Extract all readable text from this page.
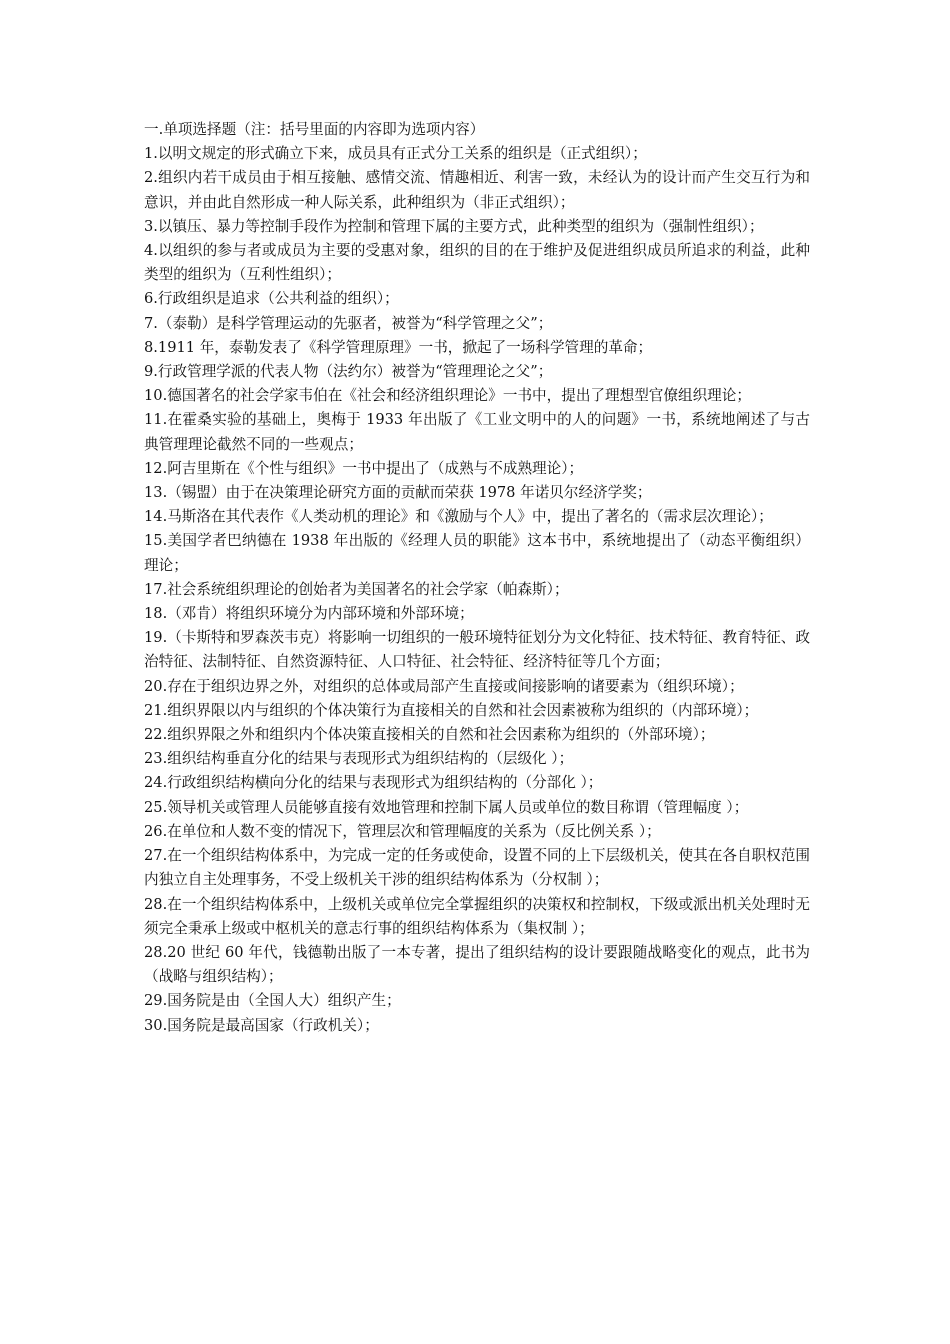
一.单项选择题（注：括号里面的内容即为选项内容）

1.以明文规定的形式确立下来，成员具有正式分工关系的组织是（正式组织）；

2.组织内若干成员由于相互接触、感情交流、情趣相近、利害一致，未经认为的设计而产生交互行为和意识，并由此自然形成一种人际关系，此种组织为（非正式组织）；

3.以镇压、暴力等控制手段作为控制和管理下属的主要方式，此种类型的组织为（强制性组织）；

4.以组织的参与者或成员为主要的受惠对象，组织的目的在于维护及促进组织成员所追求的利益，此种类型的组织为（互利性组织）；

6.行政组织是追求（公共利益的组织）；

7.（泰勒）是科学管理运动的先驱者，被誉为“科学管理之父”；

8.1911 年，泰勒发表了《科学管理原理》一书，掀起了一场科学管理的革命；

9.行政管理学派的代表人物（法约尔）被誉为“管理理论之父”；

10.德国著名的社会学家韦伯在《社会和经济组织理论》一书中，提出了理想型官僚组织理论；

11.在霍桑实验的基础上，奥梅于 1933 年出版了《工业文明中的人的问题》一书，系统地阐述了与古典管理理论截然不同的一些观点；

12.阿吉里斯在《个性与组织》一书中提出了（成熟与不成熟理论）；

13.（锡盟）由于在决策理论研究方面的贡献而荣获 1978 年诺贝尔经济学奖；

14.马斯洛在其代表作《人类动机的理论》和《激励与个人》中，提出了著名的（需求层次理论）；

15.美国学者巴纳德在 1938 年出版的《经理人员的职能》这本书中，系统地提出了（动态平衡组织）理论；

17.社会系统组织理论的创始者为美国著名的社会学家（帕森斯）；

18.（邓肯）将组织环境分为内部环境和外部环境；

19.（卡斯特和罗森茨韦克）将影响一切组织的一般环境特征划分为文化特征、技术特征、教育特征、政治特征、法制特征、自然资源特征、人口特征、社会特征、经济特征等几个方面；

20.存在于组织边界之外，对组织的总体或局部产生直接或间接影响的诸要素为（组织环境）；

21.组织界限以内与组织的个体决策行为直接相关的自然和社会因素被称为组织的（内部环境）；

22.组织界限之外和组织内个体决策直接相关的自然和社会因素称为组织的（外部环境）；

23.组织结构垂直分化的结果与表现形式为组织结构的（层级化 ）；

24.行政组织结构横向分化的结果与表现形式为组织结构的（分部化 ）；

25.领导机关或管理人员能够直接有效地管理和控制下属人员或单位的数目称谓（管理幅度 ）；

26.在单位和人数不变的情况下，管理层次和管理幅度的关系为（反比例关系 ）；

27.在一个组织结构体系中，为完成一定的任务或使命，设置不同的上下层级机关，使其在各自职权范围内独立自主处理事务，不受上级机关干涉的组织结构体系为（分权制 ）；

28.在一个组织结构体系中，上级机关或单位完全掌握组织的决策权和控制权，下级或派出机关处理时无须完全秉承上级或中枢机关的意志行事的组织结构体系为（集权制 ）；

28.20 世纪 60 年代，钱德勒出版了一本专著，提出了组织结构的设计要跟随战略变化的观点，此书为（战略与组织结构）；

29.国务院是由（全国人大）组织产生；

30.国务院是最高国家（行政机关）；
